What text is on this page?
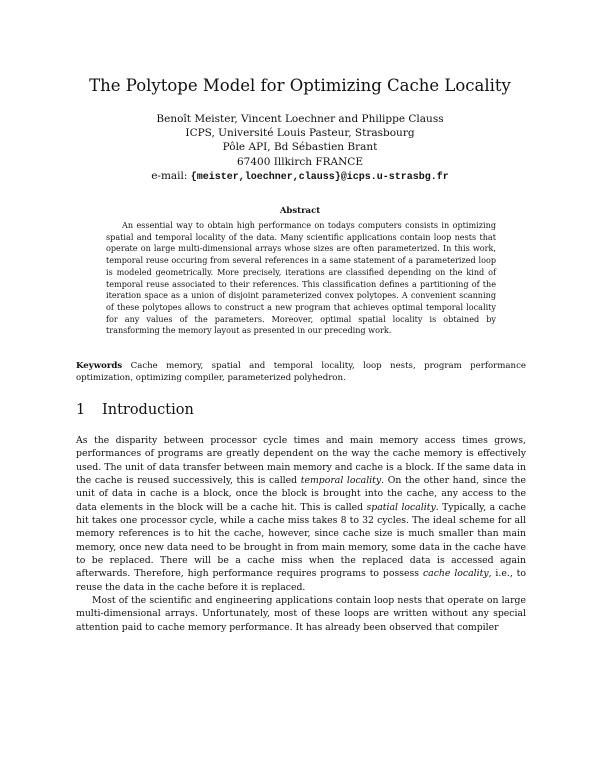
The Polytope Model for Optimizing Cache Locality
Benoît Meister, Vincent Loechner and Philippe Clauss
ICPS, Université Louis Pasteur, Strasbourg
Pôle API, Bd Sébastien Brant
67400 Illkirch FRANCE
e-mail: {meister,loechner,clauss}@icps.u-strasbg.fr
Abstract

An essential way to obtain high performance on todays computers consists in optimizing spatial and temporal locality of the data. Many scientific applications contain loop nests that operate on large multi-dimensional arrays whose sizes are often parameterized. In this work, temporal reuse occuring from several references in a same statement of a parameterized loop is modeled geometrically. More precisely, iterations are classified depending on the kind of temporal reuse associated to their references. This classification defines a partitioning of the iteration space as a union of disjoint parameterized convex polytopes. A convenient scanning of these polytopes allows to construct a new program that achieves optimal temporal locality for any values of the parameters. Moreover, optimal spatial locality is obtained by transforming the memory layout as presented in our preceding work.

Keywords Cache memory, spatial and temporal locality, loop nests, program performance optimization, optimizing compiler, parameterized polyhedron.
1 Introduction

As the disparity between processor cycle times and main memory access times grows, performances of programs are greatly dependent on the way the cache memory is effectively used. The unit of data transfer between main memory and cache is a block. If the same data in the cache is reused successively, this is called temporal locality. On the other hand, since the unit of data in cache is a block, once the block is brought into the cache, any access to the data elements in the block will be a cache hit. This is called spatial locality. Typically, a cache hit takes one processor cycle, while a cache miss takes 8 to 32 cycles. The ideal scheme for all memory references is to hit the cache, however, since cache size is much smaller than main memory, once new data need to be brought in from main memory, some data in the cache have to be replaced. There will be a cache miss when the replaced data is accessed again afterwards. Therefore, high performance requires programs to possess cache locality, i.e., to reuse the data in the cache before it is replaced.

Most of the scientific and engineering applications contain loop nests that operate on large multi-dimensional arrays. Unfortunately, most of these loops are written without any special attention paid to cache memory performance. It has already been observed that compiler
